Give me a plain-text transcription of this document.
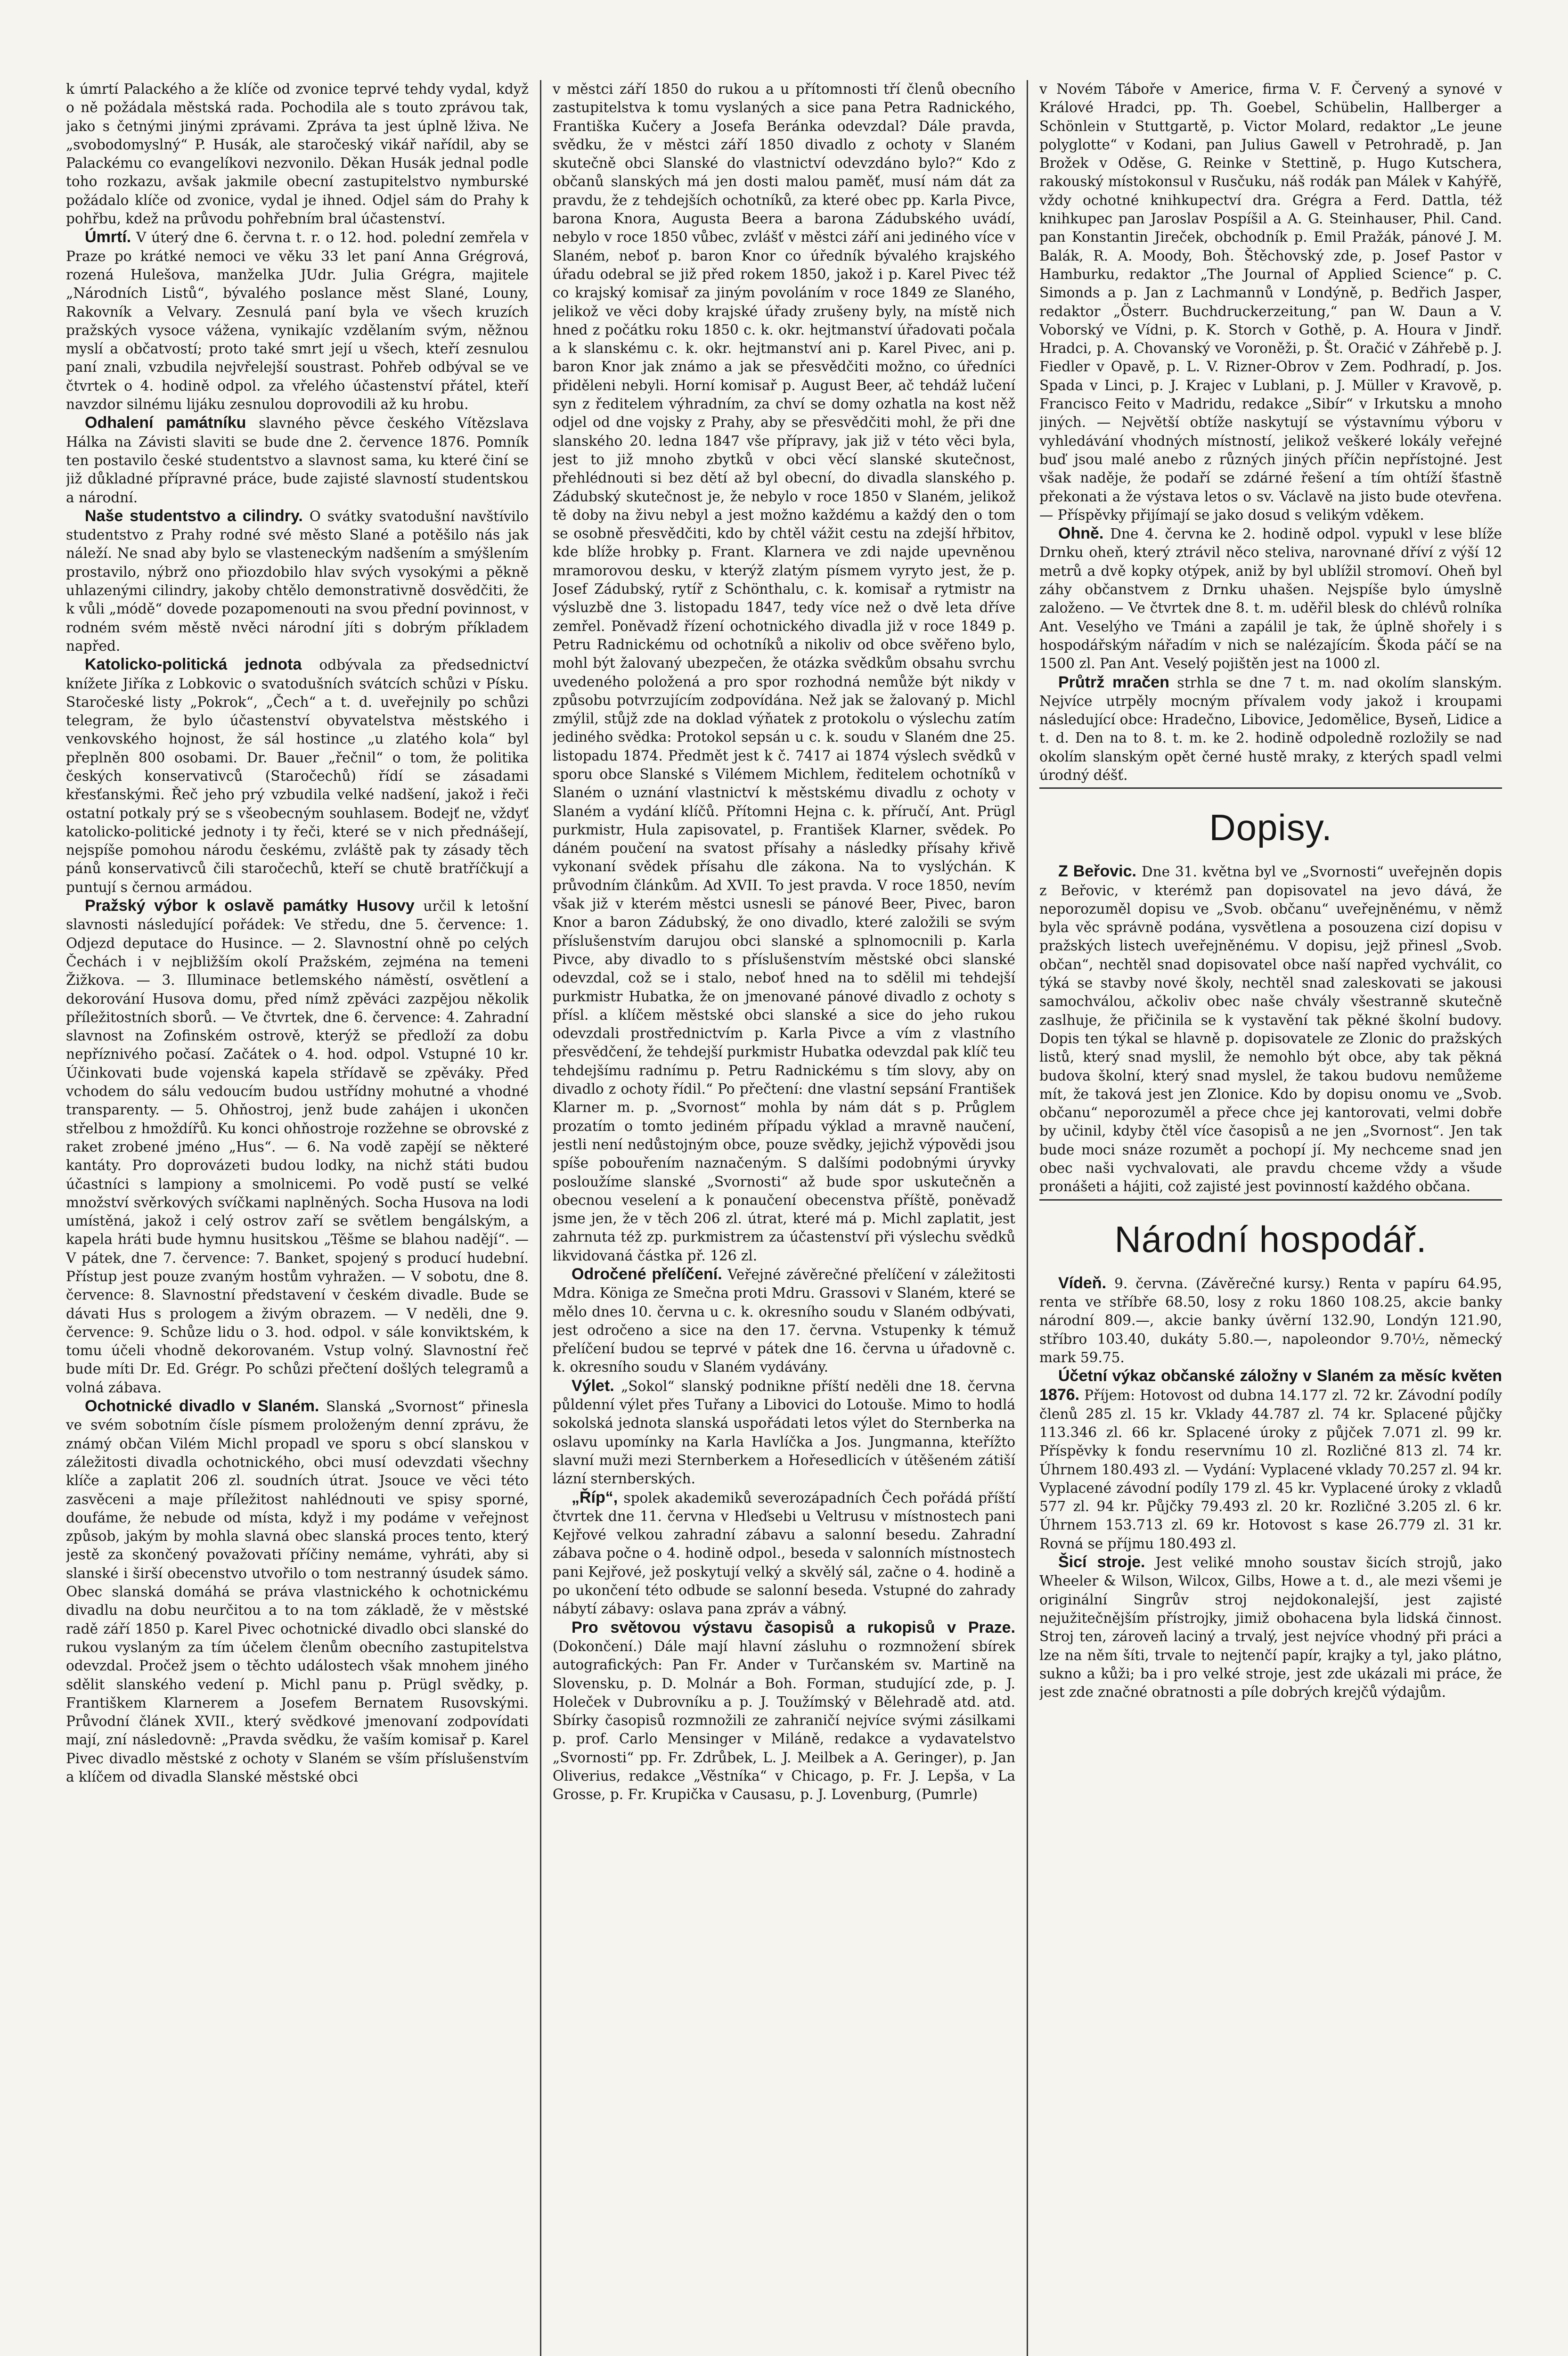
k úmrtí Palackého a že klíče od zvonice teprvé tehdy vydal, když o ně požádala městská rada. Pochodila ale s touto zprávou tak, jako s četnými jinými zprávami. Zpráva ta jest úplně lživa. Ne „svobodomyslný“ P. Husák, ale staročeský vikář nařídil, aby se Palackému co evangelíkovi nezvonilo. Děkan Husák jednal podle toho rozkazu, avšak jakmile obecní zastupitelstvo nymburské požádalo klíče od zvonice, vydal je ihned. Odjel sám do Prahy k pohřbu, kdež na průvodu pohřebním bral účastenství.

Úmrtí. V úterý dne 6. června t. r. o 12. hod. polední zemřela v Praze po krátké nemoci ve věku 33 let paní Anna Grégrová, rozená Hulešova, manželka JUdr. Julia Grégra, majitele „Národních Listů“, bývalého poslance měst Slané, Louny, Rakovník a Velvary. Zesnulá paní byla ve všech kruzích pražských vysoce vážena, vynikajíc vzdělaním svým, něžnou myslí a občatvostí; proto také smrt její u všech, kteří zesnulou paní znali, vzbudila nejvřelejší soustrast. Pohřeb odbýval se ve čtvrtek o 4. hodině odpol. za vřelého účastenství přátel, kteří navzdor silnému lijáku zesnulou doprovodili až ku hrobu.

Odhalení památníku slavného pěvce českého Vítězslava Hálka na Závisti slaviti se bude dne 2. července 1876. Pomník ten postavilo české studentstvo a slavnost sama, ku které činí se již důkladné přípravné práce, bude zajisté slavností studentskou a národní.

Naše studentstvo a cilindry. O svátky svatodušní navštívilo studentstvo z Prahy rodné své město Slané a potěšilo nás jak náleží. Ne snad aby bylo se vlasteneckým nadšením a smýšlením prostavilo, nýbrž ono přiozdobilo hlav svých vysokými a pěkně uhlazenými cilindry, jakoby chtělo demonstrativně dosvědčiti, že k vůli „módě“ dovede pozapomenouti na svou přední povinnost, v rodném svém městě nvěci národní jíti s dobrým příkladem napřed.

Katolicko-politická jednota odbývala za předsednictví knížete Jiříka z Lobkovic o svatodušních svátcích schůzi v Písku. Staročeské listy „Pokrok“, „Čech“ a t. d. uveřejnily po schůzi telegram, že bylo účastenství obyvatelstva městského i venkovského hojnost, že sál hostince „u zlatého kola“ byl přeplněn 800 osobami. Dr. Bauer „řečnil“ o tom, že politika českých konservativců (Staročechů) řídí se zásadami křesťanskými. Řeč jeho prý vzbudila velké nadšení, jakož i řeči ostatní potkaly prý se s všeobecným souhlasem. Bodejť ne, vždyť katolicko-politické jednoty i ty řeči, které se v nich přednášejí, nejspíše pomohou národu českému, zvláště pak ty zásady těch pánů konservativců čili staročechů, kteří se chutě bratříčkují a puntují s černou armádou.

Pražský výbor k oslavě památky Husovy určil k letošní slavnosti následující pořádek: Ve středu, dne 5. července: 1. Odjezd deputace do Husince. — 2. Slavnostní ohně po celých Čechách i v nejbližším okolí Pražském, zejména na temeni Žižkova. — 3. Illuminace betlemského náměstí, osvětlení a dekorování Husova domu, před nímž zpěváci zazpějou několik příležitostních sborů. — Ve čtvrtek, dne 6. července: 4. Zahradní slavnost na Zofinském ostrově, kterýž se předloží za dobu nepříznivého počasí. Začátek o 4. hod. odpol. Vstupné 10 kr. Účinkovati bude vojenská kapela střídavě se zpěváky. Před vchodem do sálu vedoucím budou ustřídny mohutné a vhodné transparenty. — 5. Ohňostroj, jenž bude zahájen i ukončen střelbou z hmoždířů. Ku konci ohňostroje rozžehne se obrovské z raket zrobené jméno „Hus“. — 6. Na vodě zapějí se některé kantáty. Pro doprovázeti budou lodky, na nichž státi budou účastníci s lampiony a smolnicemi. Po vodě pustí se velké množství svěrkových svíčkami naplněných. Socha Husova na lodi umístěná, jakož i celý ostrov zaří se světlem bengálským, a kapela hráti bude hymnu husitskou „Těšme se blahou nadějí“. — V pátek, dne 7. července: 7. Banket, spojený s producí hudební. Přístup jest pouze zvaným hostům vyhražen. — V sobotu, dne 8. července: 8. Slavnostní představení v českém divadle. Bude se dávati Hus s prologem a živým obrazem. — V neděli, dne 9. července: 9. Schůze lidu o 3. hod. odpol. v sále konviktském, k tomu účeli vhodně dekorovaném. Vstup volný. Slavnostní řeč bude míti Dr. Ed. Grégr. Po schůzi přečtení došlých telegramů a volná zábava.

Ochotnické divadlo v Slaném. Slanská „Svornost“ přinesla ve svém sobotním čísle písmem proloženým denní zprávu, že známý občan Vilém Michl propadl ve sporu s obcí slanskou v záležitosti divadla ochotnického, obci musí odevzdati všechny klíče a zaplatit 206 zl. soudních útrat. Jsouce ve věci této zasvěceni a maje příležitost nahlédnouti ve spisy sporné, doufáme, že nebude od místa, když i my podáme v veřejnost způsob, jakým by mohla slavná obec slanská proces tento, který jestě za skončený považovati příčiny nemáme, vyhráti, aby si slanské i širší obecenstvo utvořilo o tom nestranný úsudek sámo. Obec slanská domáhá se práva vlastnického k ochotnickému divadlu na dobu neurčitou a to na tom základě, že v městské radě září 1850 p. Karel Pivec ochotnické divadlo obci slanské do rukou vyslaným za tím účelem členům obecního zastupitelstva odevzdal. Pročež jsem o těchto událostech však mnohem jiného sdělit slanského vedení p. Michl panu p. Prügl svědky, p. Františkem Klarnerem a Josefem Bernatem Rusovskými. Průvodní článek XVII., který svědkové jmenovaní zodpovídati mají, zní následovně: „Pravda svědku, že vaším komisař p. Karel Pivec divadlo městské z ochoty v Slaném se vším příslušenstvím a klíčem od divadla Slanské městské obci

v městci září 1850 do rukou a u přítomnosti tří členů obecního zastupitelstva k tomu vyslaných a sice pana Petra Radnického, Františka Kučery a Josefa Beránka odevzdal? Dále pravda, svědku, že v městci září 1850 divadlo z ochoty v Slaném skutečně obci Slanské do vlastnictví odevzdáno bylo?“ Kdo z občanů slanských má jen dosti malou paměť, musí nám dát za pravdu, že z tehdejších ochotníků, za které obec pp. Karla Pivce, barona Knora, Augusta Beera a barona Zádubského uvádí, nebylo v roce 1850 vůbec, zvlášť v městci září ani jediného více v Slaném, neboť p. baron Knor co úředník bývalého krajského úřadu odebral se již před rokem 1850, jakož i p. Karel Pivec též co krajský komisař za jiným povoláním v roce 1849 ze Slaného, jelikož ve věci doby krajské úřady zrušeny byly, na místě nich hned z počátku roku 1850 c. k. okr. hejtmanství úřadovati počala a k slanskému c. k. okr. hejtmanství ani p. Karel Pivec, ani p. baron Knor jak známo a jak se přesvědčiti možno, co úředníci přiděleni nebyli. Horní komisař p. August Beer, ač tehdáž lučení syn z ředitelem výhradním, za chví se domy ozhatla na kost něž odjel od dne vojsky z Prahy, aby se přesvědčiti mohl, že při dne slanského 20. ledna 1847 vše přípravy, jak již v této věci byla, jest to již mnoho zbytků v obci věcí slanské skutečnost, přehlédnouti si bez dětí až byl obecní, do divadla slanského p. Zádubský skutečnost je, že nebylo v roce 1850 v Slaném, jelikož tě doby na živu nebyl a jest možno každému a každý den o tom se osobně přesvědčiti, kdo by chtěl vážit cestu na zdejší hřbitov, kde blíže hrobky p. Frant. Klarnera ve zdi najde upevněnou mramorovou desku, v kterýž zlatým písmem vyryto jest, že p. Josef Zádubský, rytíř z Schönthalu, c. k. komisař a rytmistr na výsluzbě dne 3. listopadu 1847, tedy více než o dvě leta dříve zemřel. Poněvadž řízení ochotnického divadla již v roce 1849 p. Petru Radnickému od ochotníků a nikoliv od obce svěřeno bylo, mohl být žalovaný ubezpečen, že otázka svědkům obsahu svrchu uvedeného položená a pro spor rozhodná nemůže být nikdy v způsobu potvrzujícím zodpovídána. Než jak se žalovaný p. Michl zmýlil, stůjž zde na doklad výňatek z protokolu o výslechu zatím jediného svědka: Protokol sepsán u c. k. soudu v Slaném dne 25. listopadu 1874. Předmět jest k č. 7417 ai 1874 výslech svědků v sporu obce Slanské s Vilémem Michlem, ředitelem ochotníků v Slaném o uznání vlastnictví k městskému divadlu z ochoty v Slaném a vydání klíčů. Přítomni Hejna c. k. příručí, Ant. Prügl purkmistr, Hula zapisovatel, p. František Klarner, svědek. Po dáném poučení na svatost přísahy a následky přísahy křivě vykonaní svědek přísahu dle zákona. Na to vyslýchán. K průvodním článkům. Ad XVII. To jest pravda. V roce 1850, nevím však již v kterém městci usnesli se pánové Beer, Pivec, baron Knor a baron Zádubský, že ono divadlo, které založili se svým příslušenstvím darujou obci slanské a splnomocnili p. Karla Pivce, aby divadlo to s příslušenstvím městské obci slanské odevzdal, což se i stalo, neboť hned na to sdělil mi tehdejší purkmistr Hubatka, že on jmenované pánové divadlo z ochoty s přísl. a klíčem městské obci slanské a sice do jeho rukou odevzdali prostřednictvím p. Karla Pivce a vím z vlastního přesvědčení, že tehdejší purkmistr Hubatka odevzdal pak klíč teu tehdejšímu radnímu p. Petru Radnickému s tím slovy, aby on divadlo z ochoty řídil.“ Po přečtení: dne vlastní sepsání František Klarner m. p. „Svornost“ mohla by nám dát s p. Průglem prozatím o tomto jediném případu výklad a mravně naučení, jestli není nedůstojným obce, pouze svědky, jejichž výpovědi jsou spíše pobouřením naznačeným. S dalšími podobnými úryvky posloužíme slanské „Svornosti“ až bude spor uskutečněn a obecnou veselení a k ponaučení obecenstva příště, poněvadž jsme jen, že v těch 206 zl. útrat, které má p. Michl zaplatit, jest zahrnuta též zp. purkmistrem za účastenství při výslechu svědků likvidovaná částka př. 126 zl.

Odročené přelíčení. Veřejné závěrečné přelíčení v záležitosti Mdra. Königa ze Smečna proti Mdru. Grassovi v Slaném, které se mělo dnes 10. června u c. k. okresního soudu v Slaném odbývati, jest odročeno a sice na den 17. června. Vstupenky k témuž přelíčení budou se teprvé v pátek dne 16. června u úřadovně c. k. okresního soudu v Slaném vydávány.

Výlet. „Sokol“ slanský podnikne příští neděli dne 18. června půldenní výlet přes Tuřany a Libovici do Lotouše. Mimo to hodlá sokolská jednota slanská uspořádati letos výlet do Sternberka na oslavu upomínky na Karla Havlíčka a Jos. Jungmanna, kteřížto slavní muži mezi Sternberkem a Hořesedlicích v útěšeném zátiší lázní sternberských.

„Říp“, spolek akademiků severozápadních Čech pořádá příští čtvrtek dne 11. června v Hleďsebi u Veltrusu v místnostech pani Kejřové velkou zahradní zábavu a salonní besedu. Zahradní zábava počne o 4. hodině odpol., beseda v salonních místnostech pani Kejřové, jež poskytují velký a skvělý sál, začne o 4. hodině a po ukončení této odbude se salonní beseda. Vstupné do zahrady nábytí zábavy: oslava pana zpráv a vábný.

Pro světovou výstavu časopisů a rukopisů v Praze. (Dokončení.) Dále mají hlavní zásluhu o rozmnožení sbírek autografických: Pan Fr. Ander v Turčanském sv. Martině na Slovensku, p. D. Molnár a Boh. Forman, studující zde, p. J. Holeček v Dubrovníku a p. J. Toužímský v Bělehradě atd. atd. Sbírky časopisů rozmnožili ze zahraničí nejvíce svými zásilkami p. prof. Carlo Mensinger v Miláně, redakce a vydavatelstvo „Svornosti“ pp. Fr. Zdrůbek, L. J. Meilbek a A. Geringer), p. Jan Oliverius, redakce „Věstníka“ v Chicago, p. Fr. J. Lepša, v La Grosse, p. Fr. Krupička v Causasu, p. J. Lovenburg, (Pumrle)

v Novém Táboře v Americe, firma V. F. Červený a synové v Králové Hradci, pp. Th. Goebel, Schübelin, Hallberger a Schönlein v Stuttgartě, p. Victor Molard, redaktor „Le jeune polyglotte“ v Kodani, pan Julius Gawell v Petrohradě, p. Jan Brožek v Oděse, G. Reinke v Stettině, p. Hugo Kutschera, rakouský místokonsul v Rusčuku, náš rodák pan Málek v Kahýřě, vždy ochotné knihkupectví dra. Grégra a Ferd. Dattla, též knihkupec pan Jaroslav Pospíšil a A. G. Steinhauser, Phil. Cand. pan Konstantin Jireček, obchodník p. Emil Pražák, pánové J. M. Balák, R. A. Moody, Boh. Štěchovský zde, p. Josef Pastor v Hamburku, redaktor „The Journal of Applied Science“ p. C. Simonds a p. Jan z Lachmannů v Londýně, p. Bedřich Jasper, redaktor „Österr. Buchdruckerzeitung,“ pan W. Daun a V. Voborský ve Vídni, p. K. Storch v Gothě, p. A. Houra v Jindř. Hradci, p. A. Chovanský ve Voroněži, p. Št. Oračić v Záhřebě p. J. Fiedler v Opavě, p. L. V. Rizner-Obrov v Zem. Podhradí, p. Jos. Spada v Linci, p. J. Krajec v Lublani, p. J. Müller v Kravově, p. Francisco Feito v Madridu, redakce „Sibír“ v Irkutsku a mnoho jiných. — Největší obtíže naskytují se výstavnímu výboru v vyhledávání vhodných místností, jelikož veškeré lokály veřejné buď jsou malé anebo z různých jiných příčin nepřístojné. Jest však naděje, že podaří se zdárné řešení a tím ohtíží šťastně překonati a že výstava letos o sv. Václavě na jisto bude otevřena. — Příspěvky přijímají se jako dosud s velikým vděkem.

Ohně. Dne 4. června ke 2. hodině odpol. vypukl v lese blíže Drnku oheň, který ztrávil něco steliva, narovnané dříví z výší 12 metrů a dvě kopky otýpek, aniž by byl ublížil stromoví. Oheň byl záhy občanstvem z Drnku uhašen. Nejspíše bylo úmyslně založeno. — Ve čtvrtek dne 8. t. m. uděřil blesk do chlévů rolníka Ant. Veselýho ve Tmáni a zapálil je tak, že úplně shořely i s hospodářským nářadím v nich se nalézajícím. Škoda páčí se na 1500 zl. Pan Ant. Veselý pojištěn jest na 1000 zl.

Průtrž mračen strhla se dne 7 t. m. nad okolím slanským. Nejvíce utrpěly mocným přívalem vody jakož i kroupami následující obce: Hradečno, Libovice, Jedomělice, Byseň, Lidice a t. d. Den na to 8. t. m. ke 2. hodině odpoledně rozložily se nad okolím slanským opět černé hustě mraky, z kterých spadl velmi úrodný déšť.

Dopisy.

Z Beřovic. Dne 31. května byl ve „Svornosti“ uveřejněn dopis z Beřovic, v kterémž pan dopisovatel na jevo dává, že neporozuměl dopisu ve „Svob. občanu“ uveřejněnému, v němž byla věc správně podána, vysvětlena a posouzena cizí dopisu v pražských listech uveřejněnému. V dopisu, jejž přinesl „Svob. občan“, nechtěl snad dopisovatel obce naší napřed vychválit, co týká se stavby nové školy, nechtěl snad zaleskovati se jakousi samochválou, ačkoliv obec naše chvály všestranně skutečně zaslhuje, že přičinila se k vystavění tak pěkné školní budovy. Dopis ten týkal se hlavně p. dopisovatele ze Zlonic do pražských listů, který snad myslil, že nemohlo být obce, aby tak pěkná budova školní, který snad myslel, že takou budovu nemůžeme mít, že taková jest jen Zlonice. Kdo by dopisu onomu ve „Svob. občanu“ neporozuměl a přece chce jej kantorovati, velmi dobře by učinil, kdyby čtěl více časopisů a ne jen „Svornost“. Jen tak bude moci snáze rozumět a pochopí jí. My nechceme snad jen obec naši vychvalovati, ale pravdu chceme vždy a všude pronášeti a hájiti, což zajisté jest povinností každého občana.

Národní hospodář.

Vídeň. 9. června. (Závěrečné kursy.) Renta v papíru 64.95, renta ve stříbře 68.50, losy z roku 1860 108.25, akcie banky národní 809.—, akcie banky úvěrní 132.90, Londýn 121.90, stříbro 103.40, dukáty 5.80.—, napoleondor 9.70½, německý mark 59.75.

Účetní výkaz občanské záložny v Slaném za měsíc květen 1876. Příjem: Hotovost od dubna 14.177 zl. 72 kr. Závodní podíly členů 285 zl. 15 kr. Vklady 44.787 zl. 74 kr. Splacené půjčky 113.346 zl. 66 kr. Splacené úroky z půjček 7.071 zl. 99 kr. Příspěvky k fondu reservnímu 10 zl. Rozličné 813 zl. 74 kr. Úhrnem 180.493 zl. — Vydání: Vyplacené vklady 70.257 zl. 94 kr. Vyplacené závodní podíly 179 zl. 45 kr. Vyplacené úroky z vkladů 577 zl. 94 kr. Půjčky 79.493 zl. 20 kr. Rozličné 3.205 zl. 6 kr. Úhrnem 153.713 zl. 69 kr. Hotovost s kase 26.779 zl. 31 kr. Rovná se příjmu 180.493 zl.

Šicí stroje. Jest veliké mnoho soustav šicích strojů, jako Wheeler & Wilson, Wilcox, Gilbs, Howe a t. d., ale mezi všemi je originální Singrův stroj nejdokonalejší, jest zajisté nejužitečnějším přístrojky, jimiž obohacena byla lidská činnost. Stroj ten, zároveň laciný a trvalý, jest nejvíce vhodný při práci a lze na něm šíti, trvale to nejtenčí papír, krajky a tyl, jako plátno, sukno a kůži; ba i pro velké stroje, jest zde ukázali mi práce, že jest zde značné obratnosti a píle dobrých krejčů výdajům.
